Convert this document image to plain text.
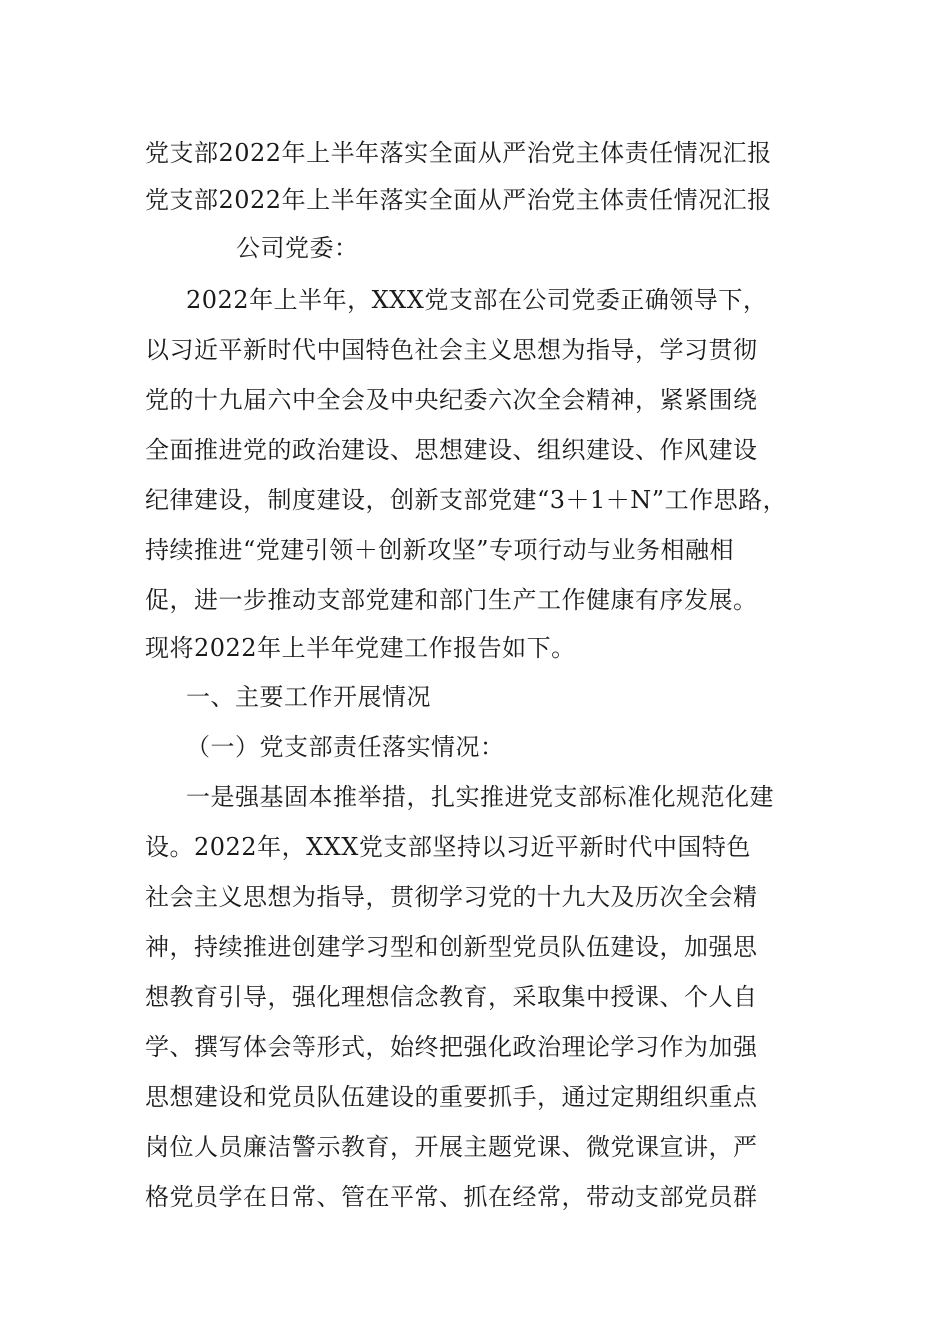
党支部2022年上半年落实全面从严治党主体责任情况汇报
党支部2022年上半年落实全面从严治党主体责任情况汇报
公司党委：
2022年上半年，XXX党支部在公司党委正确领导下，
以习近平新时代中国特色社会主义思想为指导，学习贯彻
党的十九届六中全会及中央纪委六次全会精神，紧紧围绕
全面推进党的政治建设、思想建设、组织建设、作风建设
纪律建设，制度建设，创新支部党建“3＋1＋N”工作思路，
持续推进“党建引领＋创新攻坚”专项行动与业务相融相
促，进一步推动支部党建和部门生产工作健康有序发展。
现将2022年上半年党建工作报告如下。
一、主要工作开展情况
（一）党支部责任落实情况：
一是强基固本推举措，扎实推进党支部标准化规范化建
设。2022年，XXX党支部坚持以习近平新时代中国特色
社会主义思想为指导，贯彻学习党的十九大及历次全会精
神，持续推进创建学习型和创新型党员队伍建设，加强思
想教育引导，强化理想信念教育，采取集中授课、个人自
学、撰写体会等形式，始终把强化政治理论学习作为加强
思想建设和党员队伍建设的重要抓手，通过定期组织重点
岗位人员廉洁警示教育，开展主题党课、微党课宣讲，严
格党员学在日常、管在平常、抓在经常，带动支部党员群
